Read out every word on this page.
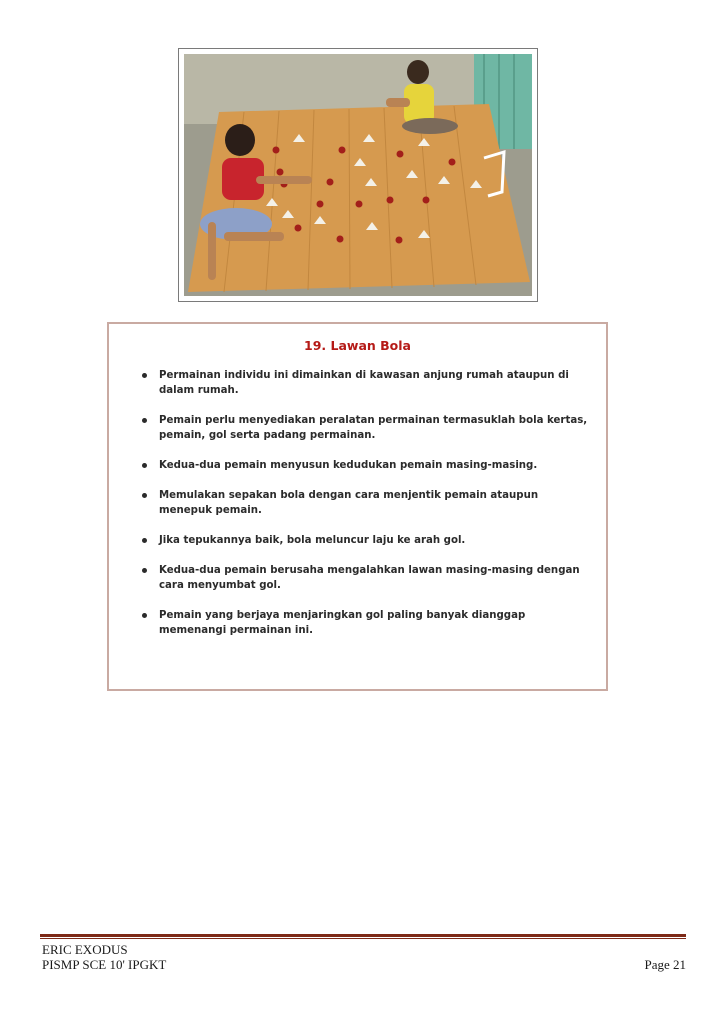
19. Lawan Bola
Permainan individu ini dimainkan di kawasan anjung rumah ataupun di dalam rumah.
Pemain perlu menyediakan peralatan permainan termasuklah bola kertas, pemain, gol serta padang permainan.
Kedua-dua pemain menyusun kedudukan pemain masing-masing.
Memulakan sepakan bola dengan cara menjentik pemain ataupun menepuk pemain.
Jika tepukannya baik, bola meluncur laju ke arah gol.
Kedua-dua pemain berusaha mengalahkan lawan masing-masing dengan cara menyumbat gol.
Pemain yang berjaya menjaringkan gol paling banyak dianggap memenangi permainan ini.
ERIC EXODUS
PISMP SCE 10' IPGKT	Page 21
